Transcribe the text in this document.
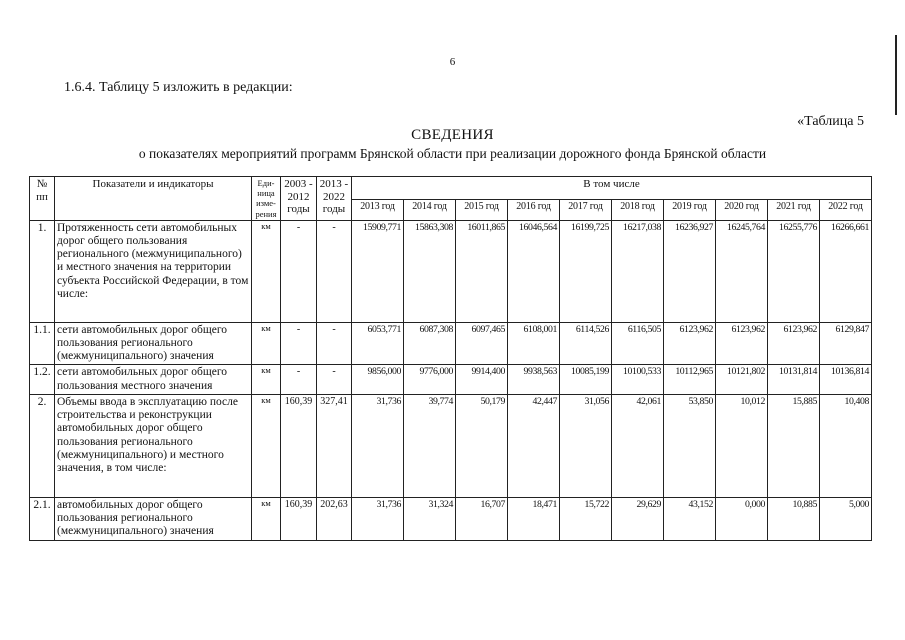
6
1.6.4. Таблицу 5 изложить в редакции:
«Таблица 5
СВЕДЕНИЯ
о показателях мероприятий программ Брянской области при реализации дорожного фонда Брянской области
№ пп	Показатели и индикаторы	Еди-ница изме-рения	2003 - 2012 годы	2013 - 2022 годы	В том числе									
					2013 год	2014 год	2015 год	2016 год	2017 год	2018 год	2019 год	2020 год	2021 год	2022 год
1.	Протяженность сети автомобильных дорог общего пользования регионального (межмуниципального) и местного значения на территории субъекта Российской Федерации, в том числе:	км	-	-	15909,771	15863,308	16011,865	16046,564	16199,725	16217,038	16236,927	16245,764	16255,776	16266,661
1.1.	сети автомобильных дорог общего пользования регионального (межмуниципального) значения	км	-	-	6053,771	6087,308	6097,465	6108,001	6114,526	6116,505	6123,962	6123,962	6123,962	6129,847
1.2.	сети автомобильных дорог общего пользования местного значения	км	-	-	9856,000	9776,000	9914,400	9938,563	10085,199	10100,533	10112,965	10121,802	10131,814	10136,814
2.	Объемы ввода в эксплуатацию после строительства и реконструкции автомобильных дорог общего пользования регионального (межмуниципального) и местного значения, в том числе:	км	160,39	327,41	31,736	39,774	50,179	42,447	31,056	42,061	53,850	10,012	15,885	10,408
2.1.	автомобильных дорог общего пользования регионального (межмуниципального) значения	км	160,39	202,63	31,736	31,324	16,707	18,471	15,722	29,629	43,152	0,000	10,885	5,000
